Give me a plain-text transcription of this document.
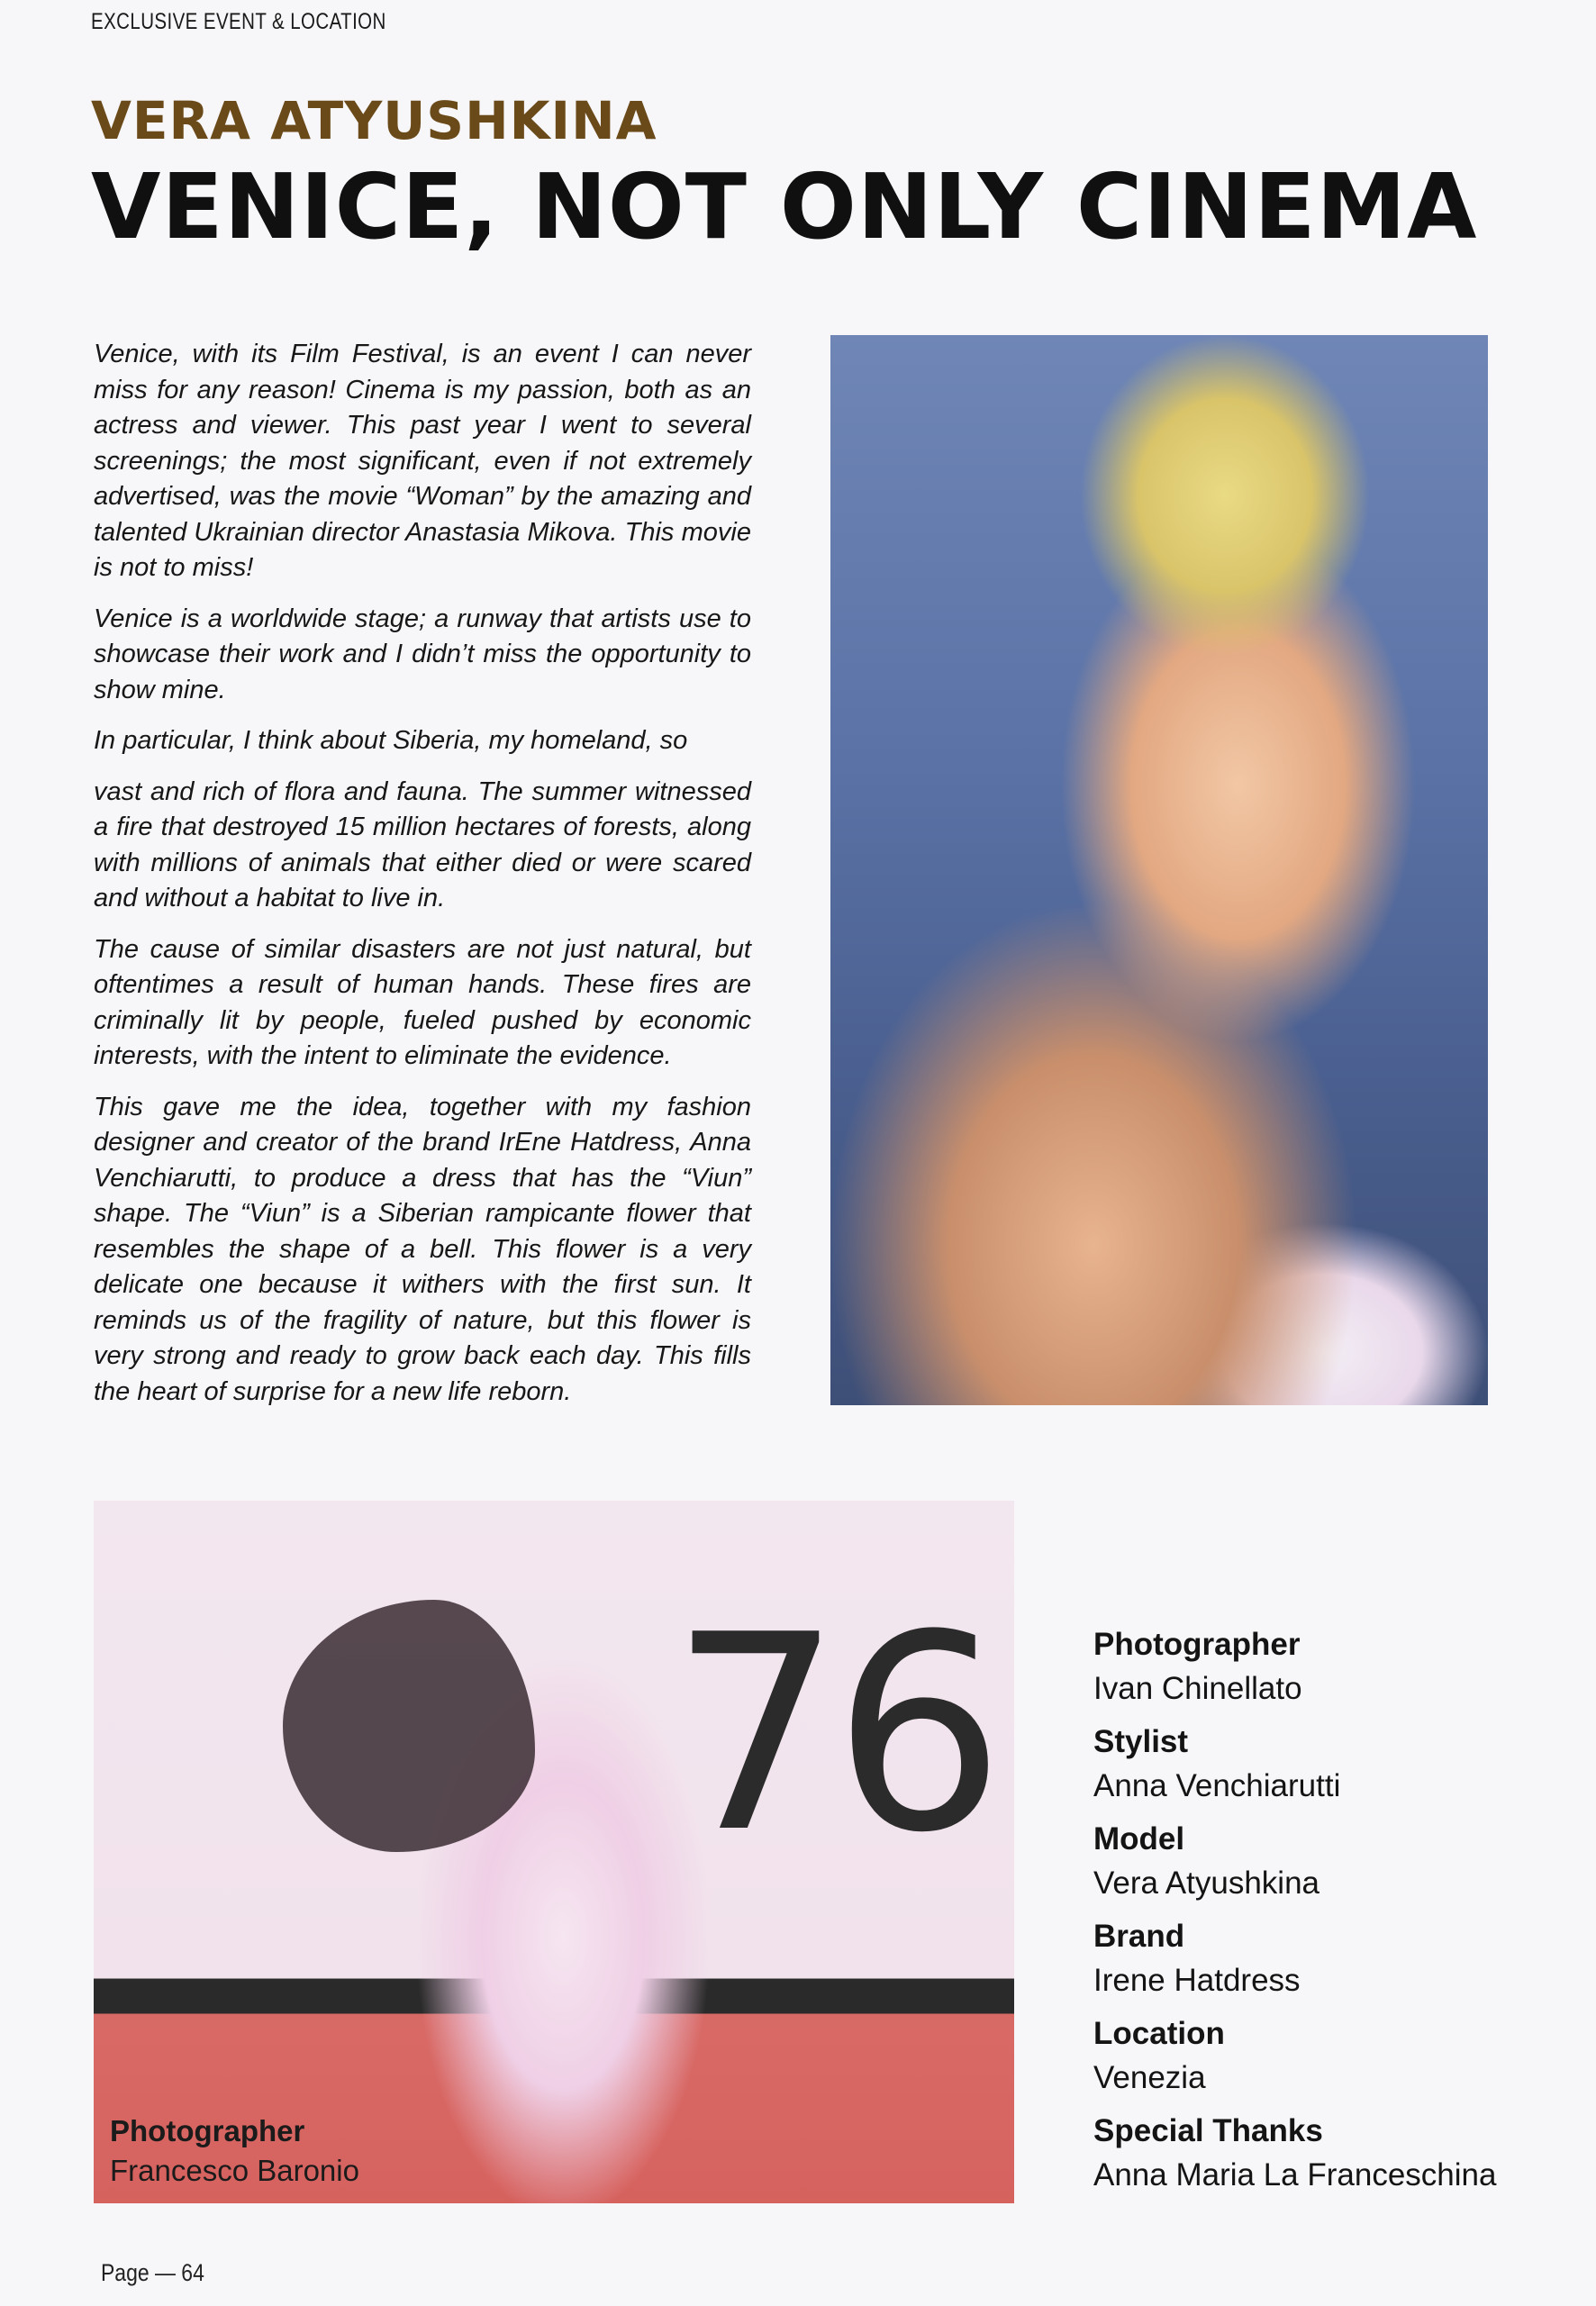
EXCLUSIVE EVENT & LOCATION
VERA ATYUSHKINA
VENICE, NOT ONLY CINEMA

Venice, with its Film Festival, is an event I can never miss for any reason! Cinema is my passion, both as an actress and viewer. This past year I went to several screenings; the most significant, even if not extremely advertised, was the movie “Woman” by the amazing and talented Ukrainian director Anastasia Mikova. This movie is not to miss!

Venice is a worldwide stage; a runway that artists use to showcase their work and I didn’t miss the opportunity to show mine.

In particular, I think about Siberia, my homeland, so

vast and rich of flora and fauna. The summer witnessed a fire that destroyed 15 million hectares of forests, along with millions of animals that either died or were scared and without a habitat to live in.

The cause of similar disasters are not just natural, but oftentimes a result of human hands. These fires are criminally lit by people, fueled pushed by economic interests, with the intent to eliminate the evidence.

This gave me the idea, together with my fashion designer and creator of the brand IrEne Hatdress, Anna Venchiarutti, to produce a dress that has the “Viun” shape. The “Viun” is a Siberian rampicante flower that resembles the shape of a bell. This flower is a very delicate one because it withers with the first sun. It reminds us of the fragility of nature, but this flower is very strong and ready to grow back each day. This fills the heart of surprise for a new life reborn.

76
Photographer
Francesco Baronio
Photographer
Ivan Chinellato
Stylist
Anna Venchiarutti
Model
Vera Atyushkina
Brand
Irene Hatdress
Location
Venezia
Special Thanks
Anna Maria La Franceschina
Page — 64
